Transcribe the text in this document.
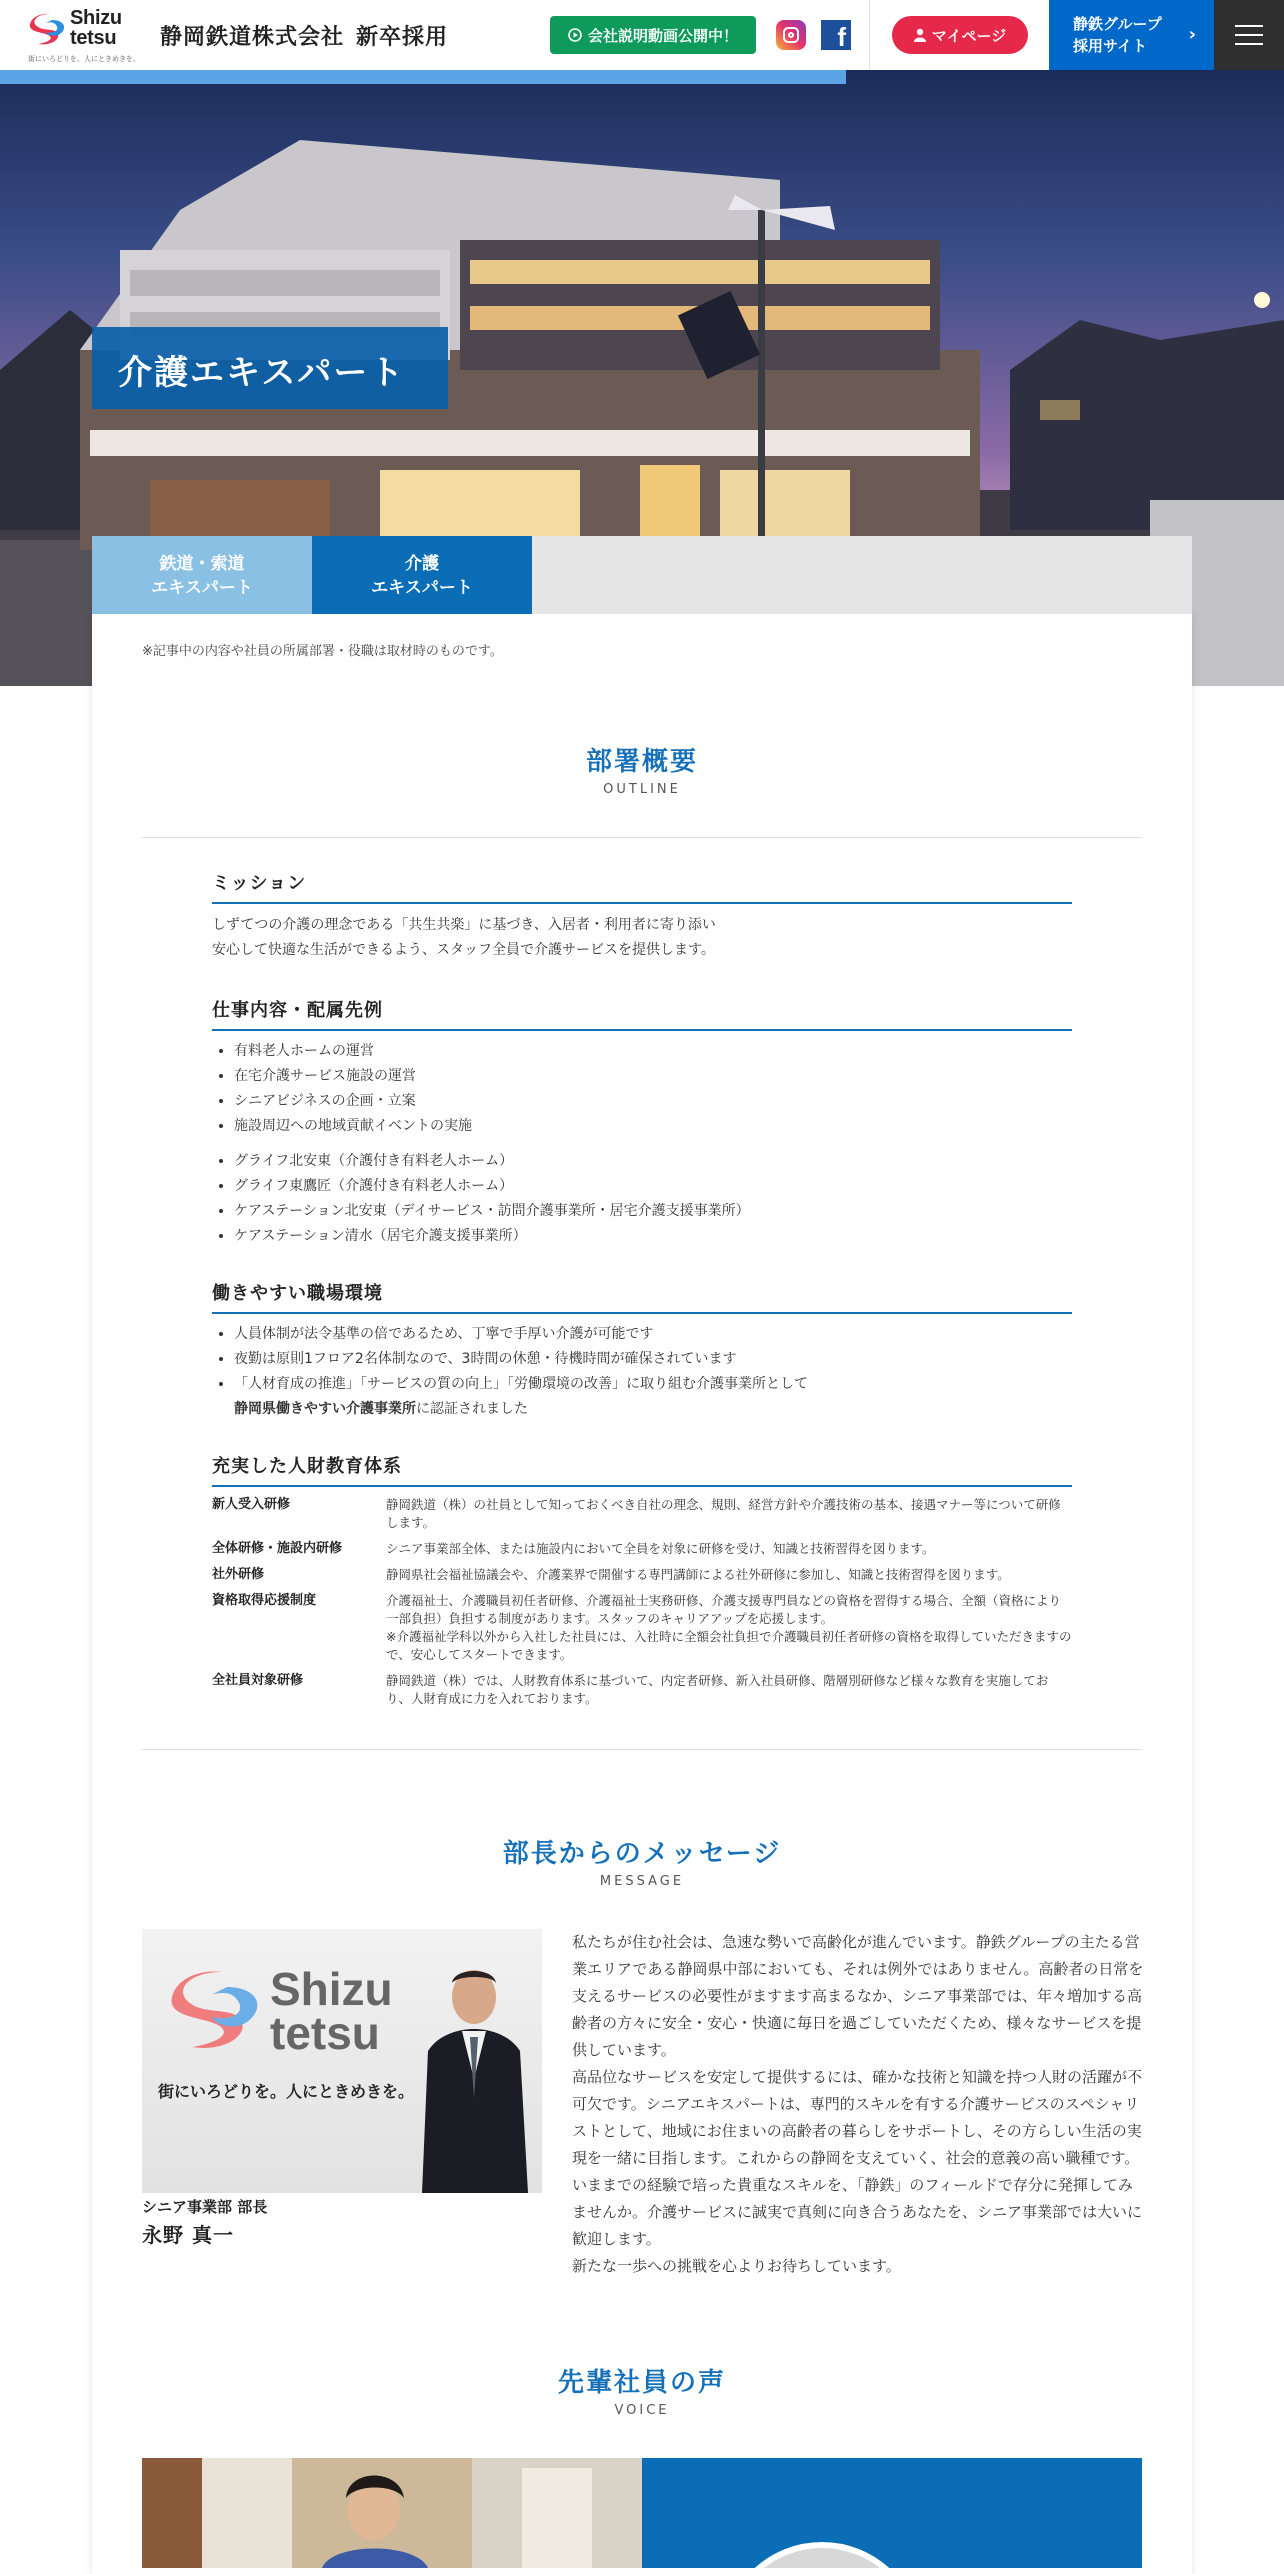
Shizu
tetsu
街にいろどりを。人にときめきを。
静岡鉄道株式会社 新卒採用	会社説明動画公開中！	f	マイページ
静鉄グループ
採用サイト
›
介護エキスパート
鉄道・索道
エキスパート
介護
エキスパート
※記事中の内容や社員の所属部署・役職は取材時のものです。
部署概要
OUTLINE
ミッション
しずてつの介護の理念である「共生共楽」に基づき、入居者・利用者に寄り添い
安心して快適な生活ができるよう、スタッフ全員で介護サービスを提供します。
仕事内容・配属先例
• 有料老人ホームの運営
• 在宅介護サービス施設の運営
• シニアビジネスの企画・立案
• 施設周辺への地域貢献イベントの実施
• グライフ北安東（介護付き有料老人ホーム）
• グライフ東鷹匠（介護付き有料老人ホーム）
• ケアステーション北安東（デイサービス・訪問介護事業所・居宅介護支援事業所）
• ケアステーション清水（居宅介護支援事業所）
働きやすい職場環境
• 人員体制が法令基準の倍であるため、丁寧で手厚い介護が可能です
• 夜勤は原則1フロア2名体制なので、3時間の休憩・待機時間が確保されています
• 「人材育成の推進」「サービスの質の向上」「労働環境の改善」に取り組む介護事業所として
静岡県働きやすい介護事業所に認証されました
充実した人財教育体系
新人受入研修	静岡鉄道（株）の社員として知っておくべき自社の理念、規則、経営方針や介護技術の基本、接遇マナー等について研修します。
全体研修・施設内研修	シニア事業部全体、または施設内において全員を対象に研修を受け、知識と技術習得を図ります。
社外研修	静岡県社会福祉協議会や、介護業界で開催する専門講師による社外研修に参加し、知識と技術習得を図ります。
資格取得応援制度	介護福祉士、介護職員初任者研修、介護福祉士実務研修、介護支援専門員などの資格を習得する場合、全額（資格により一部負担）負担する制度があります。スタッフのキャリアアップを応援します。
※介護福祉学科以外から入社した社員には、入社時に全額会社負担で介護職員初任者研修の資格を取得していただきますので、安心してスタートできます。

全社員対象研修	静岡鉄道（株）では、人財教育体系に基づいて、内定者研修、新入社員研修、階層別研修など様々な教育を実施しており、人財育成に力を入れております。
部長からのメッセージ
MESSAGE
Shizu
tetsu
街にいろどりを。人にときめきを。
シニア事業部 部長
永野 真一

私たちが住む社会は、急速な勢いで高齢化が進んでいます。静鉄グループの主たる営業エリアである静岡県中部においても、それは例外ではありません。高齢者の日常を支えるサービスの必要性がますます高まるなか、シニア事業部では、年々増加する高齢者の方々に安全・安心・快適に毎日を過ごしていただくため、様々なサービスを提供しています。

高品位なサービスを安定して提供するには、確かな技術と知識を持つ人財の活躍が不可欠です。シニアエキスパートは、専門的スキルを有する介護サービスのスペシャリストとして、地域にお住まいの高齢者の暮らしをサポートし、その方らしい生活の実現を一緒に目指します。これからの静岡を支えていく、社会的意義の高い職種です。

いままでの経験で培った貴重なスキルを、「静鉄」のフィールドで存分に発揮してみませんか。介護サービスに誠実で真剣に向き合うあなたを、シニア事業部では大いに歓迎します。

新たな一歩への挑戦を心よりお待ちしています。

先輩社員の声
VOICE
